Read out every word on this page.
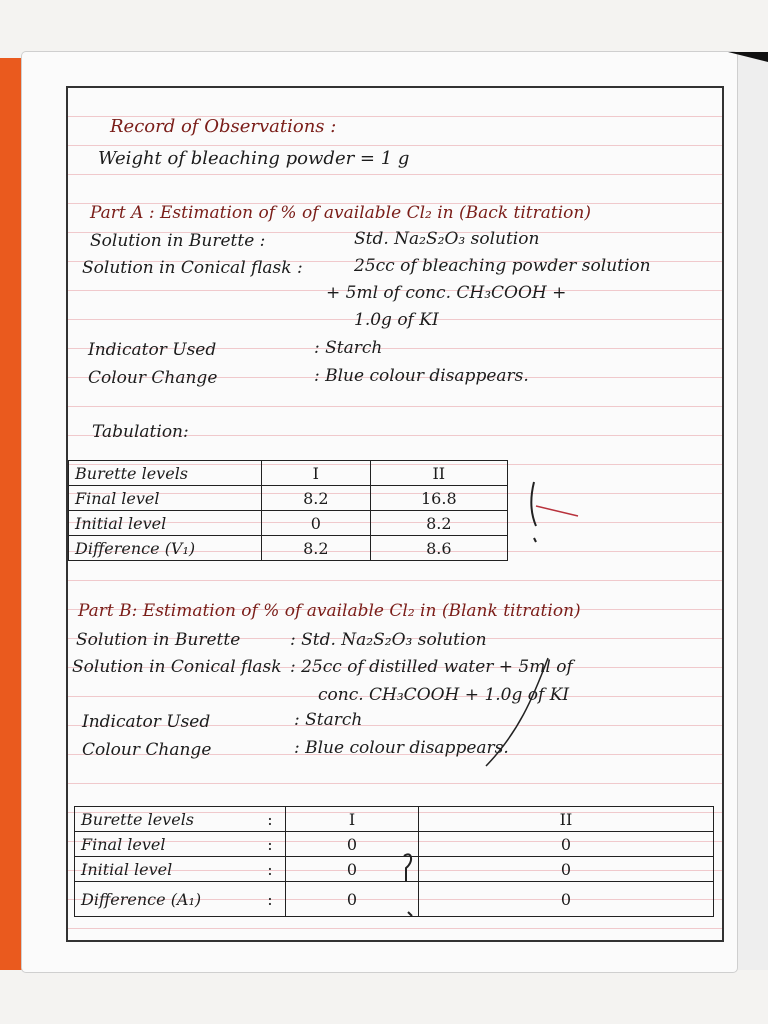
Record of Observations :
Weight of bleaching powder = 1 g
Part A : Estimation of % of available Cl₂ in (Back titration)
Solution in Burette :	Std. Na₂S₂O₃ solution
Solution in Conical flask :	25cc of bleaching powder solution
+ 5ml of conc. CH₃COOH +
1.0g of KI
Indicator Used	: Starch
Colour Change	: Blue colour disappears.
Tabulation:
Burette levels	I	II
Final level	8.2	16.8
Initial level	0	8.2
Difference (V₁)	8.2	8.6
Part B: Estimation of % of available Cl₂ in (Blank titration)
Solution in Burette	: Std. Na₂S₂O₃ solution
Solution in Conical flask : 25cc of distilled water + 5ml of
conc. CH₃COOH + 1.0g of KI
Indicator Used	: Starch
Colour Change	: Blue colour disappears.
Burette levels	:	I	II
Final level	:	0	0
Initial level	:	0	0
Difference (A₁)	:	0	0
